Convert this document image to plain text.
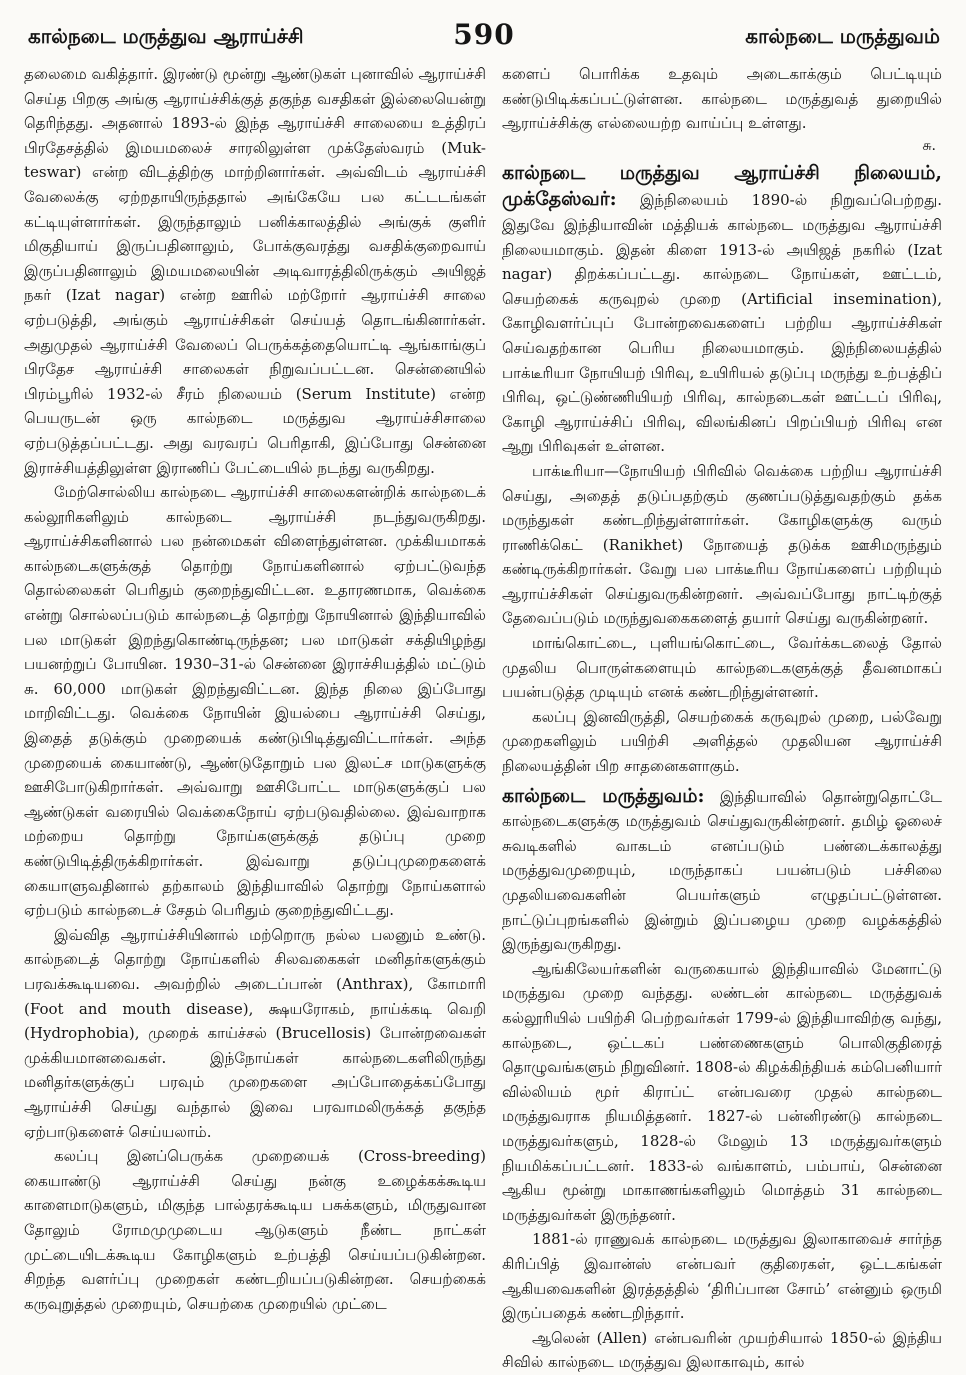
கால்நடை மருத்துவ ஆராய்ச்சி	590	கால்நடை மருத்துவம்

தலைமை வகித்தார். இரண்டு மூன்று ஆண்டுகள் புனாவில் ஆராய்ச்சி செய்த பிறகு அங்கு ஆராய்ச்சிக்குத் தகுந்த வசதிகள் இல்லையென்று தெரிந்தது. அதனால் 1893-ல் இந்த ஆராய்ச்சி சாலையை உத்திரப் பிரதேசத்தில் இமயமலைச் சாரலிலுள்ள முக்தேஸ்வரம் (Muk-teswar) என்ற விடத்திற்கு மாற்றினார்கள். அவ்விடம் ஆராய்ச்சி வேலைக்கு ஏற்றதாயிருந்ததால் அங்கேயே பல கட்டடங்கள் கட்டியுள்ளார்கள். இருந்தாலும் பனிக்காலத்தில் அங்குக் குளிர் மிகுதியாய் இருப்பதினாலும், போக்குவரத்து வசதிக்குறைவாய் இருப்பதினாலும் இமயமலையின் அடிவாரத்திலிருக்கும் அயிஜத் நகர் (Izat nagar) என்ற ஊரில் மற்றோர் ஆராய்ச்சி சாலை ஏற்படுத்தி, அங்கும் ஆராய்ச்சிகள் செய்யத் தொடங்கினார்கள். அதுமுதல் ஆராய்ச்சி வேலைப் பெருக்கத்தையொட்டி ஆங்காங்குப் பிரதேச ஆராய்ச்சி சாலைகள் நிறுவப்பட்டன. சென்னையில் பிரம்பூரில் 1932-ல் சீரம் நிலையம் (Serum Institute) என்ற பெயருடன் ஒரு கால்நடை மருத்துவ ஆராய்ச்சிசாலை ஏற்படுத்தப்பட்டது. அது வரவரப் பெரிதாகி, இப்போது சென்னை இராச்சியத்திலுள்ள இராணிப் பேட்டையில் நடந்து வருகிறது.

மேற்சொல்லிய கால்நடை ஆராய்ச்சி சாலைகளன்றிக் கால்நடைக் கல்லூரிகளிலும் கால்நடை ஆராய்ச்சி நடந்துவருகிறது. ஆராய்ச்சிகளினால் பல நன்மைகள் விளைந்துள்ளன. முக்கியமாகக் கால்நடைகளுக்குத் தொற்று நோய்களினால் ஏற்பட்டுவந்த தொல்லைகள் பெரிதும் குறைந்துவிட்டன. உதாரணமாக, வெக்கை என்று சொல்லப்படும் கால்நடைத் தொற்று நோயினால் இந்தியாவில் பல மாடுகள் இறந்துகொண்டிருந்தன; பல மாடுகள் சக்தியிழந்து பயனற்றுப் போயின. 1930–31-ல் சென்னை இராச்சியத்தில் மட்டும் சு. 60,000 மாடுகள் இறந்துவிட்டன. இந்த நிலை இப்போது மாறிவிட்டது. வெக்கை நோயின் இயல்பை ஆராய்ச்சி செய்து, இதைத் தடுக்கும் முறையைக் கண்டுபிடித்துவிட்டார்கள். அந்த முறையைக் கையாண்டு, ஆண்டுதோறும் பல இலட்ச மாடுகளுக்கு ஊசிபோடுகிறார்கள். அவ்வாறு ஊசிபோட்ட மாடுகளுக்குப் பல ஆண்டுகள் வரையில் வெக்கைநோய் ஏற்படுவதில்லை. இவ்வாறாக மற்றைய தொற்று நோய்களுக்குத் தடுப்பு முறை கண்டுபிடித்திருக்கிறார்கள். இவ்வாறு தடுப்புமுறைகளைக் கையாளுவதினால் தற்காலம் இந்தியாவில் தொற்று நோய்களால் ஏற்படும் கால்நடைச் சேதம் பெரிதும் குறைந்துவிட்டது.

இவ்வித ஆராய்ச்சியினால் மற்றொரு நல்ல பலனும் உண்டு. கால்நடைத் தொற்று நோய்களில் சிலவகைகள் மனிதர்களுக்கும் பரவக்கூடியவை. அவற்றில் அடைப்பான் (Anthrax), கோமாரி (Foot and mouth disease), க்ஷயரோகம், நாய்க்கடி வெறி (Hydrophobia), முறைக் காய்ச்சல் (Brucellosis) போன்றவைகள் முக்கியமானவைகள். இந்நோய்கள் கால்நடைகளிலிருந்து மனிதர்களுக்குப் பரவும் முறைகளை அப்போதைக்கப்போது ஆராய்ச்சி செய்து வந்தால் இவை பரவாமலிருக்கத் தகுந்த ஏற்பாடுகளைச் செய்யலாம்.

கலப்பு இனப்பெருக்க முறையைக் (Cross-breeding) கையாண்டு ஆராய்ச்சி செய்து நன்கு உழைக்கக்கூடிய காளைமாடுகளும், மிகுந்த பால்தரக்கூடிய பசுக்களும், மிருதுவான தோலும் ரோமமுமுடைய ஆடுகளும் நீண்ட நாட்கள் முட்டையிடக்கூடிய கோழிகளும் உற்பத்தி செய்யப்படுகின்றன. சிறந்த வளர்ப்பு முறைகள் கண்டறியப்படுகின்றன. செயற்கைக் கருவுறுத்தல் முறையும், செயற்கை முறையில் முட்டை

களைப் பொரிக்க உதவும் அடைகாக்கும் பெட்டியும் கண்டுபிடிக்கப்பட்டுள்ளன. கால்நடை மருத்துவத் துறையில் ஆராய்ச்சிக்கு எல்லையற்ற வாய்ப்பு உள்ளது.

சு.

கால்நடை மருத்துவ ஆராய்ச்சி நிலையம், முக்தேஸ்வர்: இந்நிலையம் 1890-ல் நிறுவப்பெற்றது. இதுவே இந்தியாவின் மத்தியக் கால்நடை மருத்துவ ஆராய்ச்சி நிலையமாகும். இதன் கிளை 1913-ல் அயிஜத் நகரில் (Izat nagar) திறக்கப்பட்டது. கால்நடை நோய்கள், ஊட்டம், செயற்கைக் கருவுறல் முறை (Artificial insemination), கோழிவளர்ப்புப் போன்றவைகளைப் பற்றிய ஆராய்ச்சிகள் செய்வதற்கான பெரிய நிலையமாகும். இந்நிலையத்தில் பாக்டீரியா நோயியற் பிரிவு, உயிரியல் தடுப்பு மருந்து உற்பத்திப் பிரிவு, ஒட்டுண்ணியியற் பிரிவு, கால்நடைகள் ஊட்டப் பிரிவு, கோழி ஆராய்ச்சிப் பிரிவு, விலங்கினப் பிறப்பியற் பிரிவு என ஆறு பிரிவுகள் உள்ளன.

பாக்டீரியா—நோயியற் பிரிவில் வெக்கை பற்றிய ஆராய்ச்சி செய்து, அதைத் தடுப்பதற்கும் குணப்படுத்துவதற்கும் தக்க மருந்துகள் கண்டறிந்துள்ளார்கள். கோழிகளுக்கு வரும் ராணிக்கெட் (Ranikhet) நோயைத் தடுக்க ஊசிமருந்தும் கண்டிருக்கிறார்கள். வேறு பல பாக்டீரிய நோய்களைப் பற்றியும் ஆராய்ச்சிகள் செய்துவருகின்றனர். அவ்வப்போது நாட்டிற்குத் தேவைப்படும் மருந்துவகைகளைத் தயார் செய்து வருகின்றனர்.

மாங்கொட்டை, புளியங்கொட்டை, வேர்க்கடலைத் தோல் முதலிய பொருள்களையும் கால்நடைகளுக்குத் தீவனமாகப் பயன்படுத்த முடியும் எனக் கண்டறிந்துள்ளனர்.

கலப்பு இனவிருத்தி, செயற்கைக் கருவுறல் முறை, பல்வேறு முறைகளிலும் பயிற்சி அளித்தல் முதலியன ஆராய்ச்சி நிலையத்தின் பிற சாதனைகளாகும்.

கால்நடை மருத்துவம்: இந்தியாவில் தொன்றுதொட்டே கால்நடைகளுக்கு மருத்துவம் செய்துவருகின்றனர். தமிழ் ஓலைச் சுவடிகளில் வாகடம் எனப்படும் பண்டைக்காலத்து மருத்துவமுறையும், மருந்தாகப் பயன்படும் பச்சிலை முதலியவைகளின் பெயர்களும் எழுதப்பட்டுள்ளன. நாட்டுப்புறங்களில் இன்றும் இப்பழைய முறை வழக்கத்தில் இருந்துவருகிறது.

ஆங்கிலேயர்களின் வருகையால் இந்தியாவில் மேனாட்டு மருத்துவ முறை வந்தது. லண்டன் கால்நடை மருத்துவக் கல்லூரியில் பயிற்சி பெற்றவர்கள் 1799-ல் இந்தியாவிற்கு வந்து, கால்நடை, ஒட்டகப் பண்ணைகளும் பொலிகுதிரைத் தொழுவங்களும் நிறுவினர். 1808-ல் கிழக்கிந்தியக் கம்பெனியார் வில்லியம் மூர் கிராப்ட் என்பவரை முதல் கால்நடை மருத்துவராக நியமித்தனர். 1827-ல் பன்னிரண்டு கால்நடை மருத்துவர்களும், 1828-ல் மேலும் 13 மருத்துவர்களும் நியமிக்கப்பட்டனர். 1833-ல் வங்காளம், பம்பாய், சென்னை ஆகிய மூன்று மாகாணங்களிலும் மொத்தம் 31 கால்நடை மருத்துவர்கள் இருந்தனர்.

1881-ல் ராணுவக் கால்நடை மருத்துவ இலாகாவைச் சார்ந்த கிரிப்பித் இவான்ஸ் என்பவர் குதிரைகள், ஒட்டகங்கள் ஆகியவைகளின் இரத்தத்தில் ‘திரிப்பான சோம்’ என்னும் ஒருமி இருப்பதைக் கண்டறிந்தார்.

ஆலென் (Allen) என்பவரின் முயற்சியால் 1850-ல் இந்திய சிவில் கால்நடை மருத்துவ இலாகாவும், கால்
